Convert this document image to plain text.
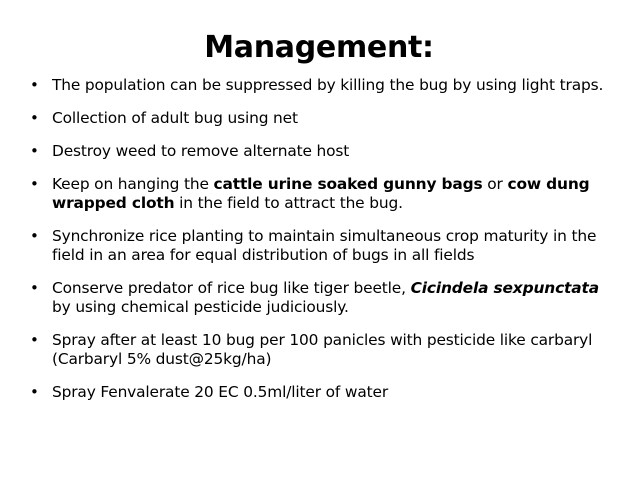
Management:
• The population can be suppressed by killing the bug by using light traps.
• Collection of adult bug using net
• Destroy weed to remove alternate host
• Keep on hanging the cattle urine soaked gunny bags or cow dung wrapped cloth in the field to attract the bug.
• Synchronize rice planting to maintain simultaneous crop maturity in the field in an area for equal distribution of bugs in all fields
• Conserve predator of rice bug like tiger beetle, Cicindela sexpunctata by using chemical pesticide judiciously.
• Spray after at least 10 bug per 100 panicles with pesticide like carbaryl (Carbaryl 5% dust@25kg/ha)
• Spray Fenvalerate 20 EC 0.5ml/liter of water
